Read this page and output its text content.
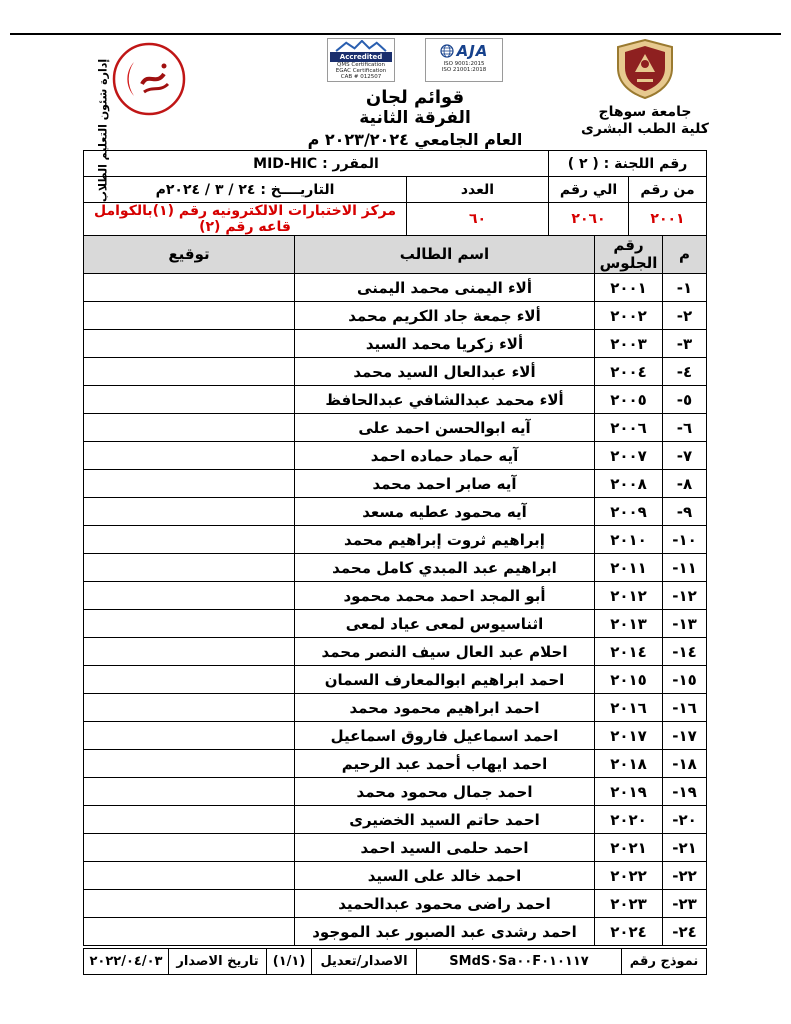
جامعة سوهاج
كلية الطب البشرى
Accredited
QMS Certification
EGAC Certification
CAB # 012507
AJA
ISO 9001:2015
ISO 21001:2018
قوائم لجان
الفرقة الثانية
العام الجامعي ٢٠٢٣/٢٠٢٤ م
إدارة شئون التعليم الطلاب	رقم اللجنة : ( ٢ )		المقرر : MID-HIC	
من رقم	الي رقم	العدد	التاريــــخ : ٢٤ / ٣ / ٢٠٢٤م
٢٠٠١	٢٠٦٠	٦٠	مركز الاختبارات الالكترونيه رقم (١)بالكوامل قاعه رقم (٢)
م	رقم الجلوس	اسم الطالب	توقيع
١-	٢٠٠١	ألاء اليمنى محمد اليمنى	
٢-	٢٠٠٢	ألاء جمعة جاد الكريم محمد	
٣-	٢٠٠٣	ألاء زكريا محمد السيد	
٤-	٢٠٠٤	ألاء عبدالعال السيد محمد	
٥-	٢٠٠٥	ألاء محمد عبدالشافي عبدالحافظ	
٦-	٢٠٠٦	آيه ابوالحسن احمد على	
٧-	٢٠٠٧	آيه حماد حماده احمد	
٨-	٢٠٠٨	آيه صابر احمد محمد	
٩-	٢٠٠٩	آيه محمود عطيه مسعد	
١٠-	٢٠١٠	إبراهيم ثروت إبراهيم محمد	
١١-	٢٠١١	ابراهيم عبد المبدي كامل محمد	
١٢-	٢٠١٢	أبو المجد احمد محمد محمود	
١٣-	٢٠١٣	اثناسيوس لمعى عياد لمعى	
١٤-	٢٠١٤	احلام عبد العال سيف النصر محمد	
١٥-	٢٠١٥	احمد ابراهيم ابوالمعارف السمان	
١٦-	٢٠١٦	احمد ابراهيم محمود محمد	
١٧-	٢٠١٧	احمد اسماعيل فاروق اسماعيل	
١٨-	٢٠١٨	احمد ايهاب أحمد عبد الرحيم	
١٩-	٢٠١٩	احمد جمال محمود محمد	
٢٠-	٢٠٢٠	احمد حاتم السيد الخضيرى	
٢١-	٢٠٢١	احمد حلمى السيد احمد	
٢٢-	٢٠٢٢	احمد خالد على السيد	
٢٣-	٢٠٢٣	احمد راضى محمود عبدالحميد	
٢٤-	٢٠٢٤	احمد رشدى عبد الصبور عبد الموجود	
نموذج رقم	SMdS٠Sa٠٠F٠١٠١١٧	الاصدار/تعديل	(١/١)	تاريخ الاصدار	٢٠٢٢/٠٤/٠٣
